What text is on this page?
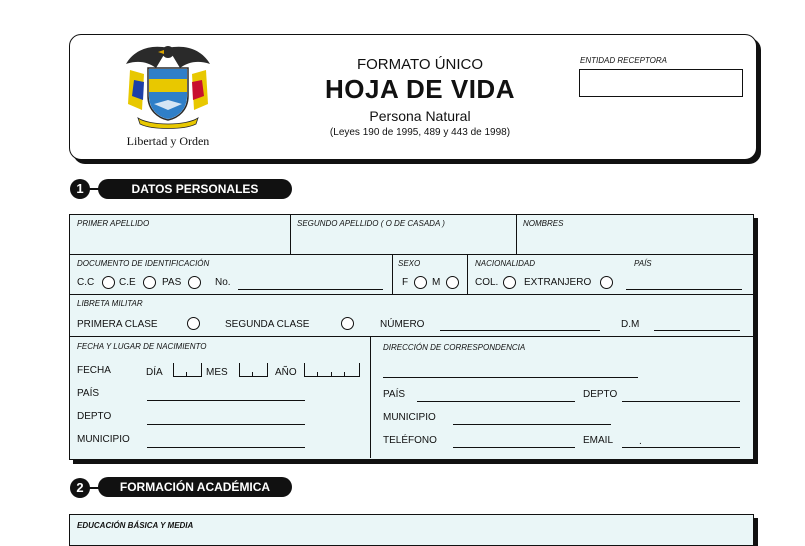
Libertad y Orden
FORMATO ÚNICO
HOJA DE VIDA
Persona Natural
(Leyes 190 de 1995, 489 y 443 de 1998)
ENTIDAD RECEPTORA
1	DATOS PERSONALES
PRIMER APELLIDO	SEGUNDO APELLIDO ( O DE CASADA )	NOMBRES
DOCUMENTO DE IDENTIFICACIÓN
C.C C.E	PAS	No.
SEXO
F M
NACIONALIDAD	PAÍS
COL.	EXTRANJERO
LIBRETA MILITAR
PRIMERA CLASE	SEGUNDA CLASE	NÚMERO	D.M
FECHA Y LUGAR DE NACIMIENTO
FECHA	DÍA	MES	AÑO
PAÍS
DEPTO
MUNICIPIO
DIRECCIÓN DE CORRESPONDENCIA
PAÍS	DEPTO
MUNICIPIO
TELÉFONO	EMAIL	.
2	FORMACIÓN ACADÉMICA
EDUCACIÓN BÁSICA Y MEDIA
